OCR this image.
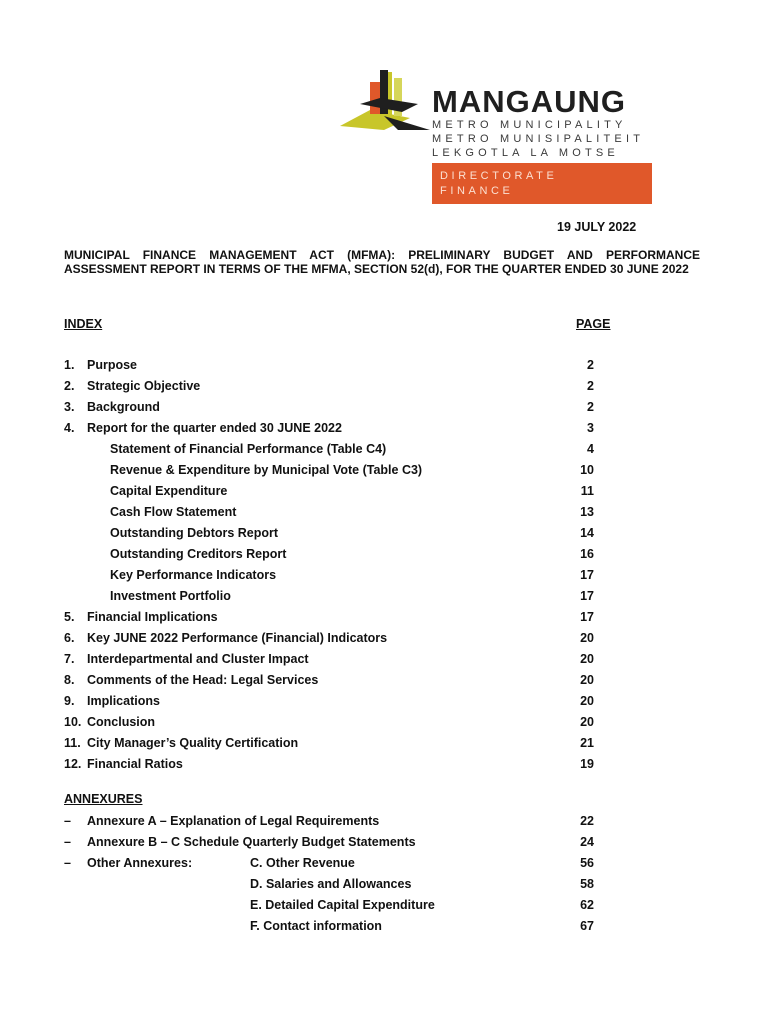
MANGAUNG
METRO MUNICIPALITY
METRO MUNISIPALITEIT
LEKGOTLA LA MOTSE
DIRECTORATE
FINANCE
19 JULY 2022

MUNICIPAL FINANCE MANAGEMENT ACT (MFMA): PRELIMINARY BUDGET AND PERFORMANCE ASSESSMENT REPORT IN TERMS OF THE MFMA, SECTION 52(d), FOR THE QUARTER ENDED 30 JUNE 2022

INDEX	PAGE
1. Purpose	2
2. Strategic Objective	2
3. Background	2
4. Report for the quarter ended 30 JUNE 2022	3
Statement of Financial Performance (Table C4)	4
Revenue & Expenditure by Municipal Vote (Table C3)	10
Capital Expenditure	11
Cash Flow Statement	13
Outstanding Debtors Report	14
Outstanding Creditors Report	16
Key Performance Indicators	17
Investment Portfolio	17
5. Financial Implications	17
6. Key JUNE 2022 Performance (Financial) Indicators	20
7. Interdepartmental and Cluster Impact	20
8. Comments of the Head: Legal Services	20
9. Implications	20
10. Conclusion	20
11. City Manager’s Quality Certification	21
12. Financial Ratios	19
ANNEXURES
– Annexure A – Explanation of Legal Requirements	22
– Annexure B – C Schedule Quarterly Budget Statements	24
– Other Annexures:	C. Other Revenue	56
D. Salaries and Allowances	58
E. Detailed Capital Expenditure	62
F. Contact information	67
